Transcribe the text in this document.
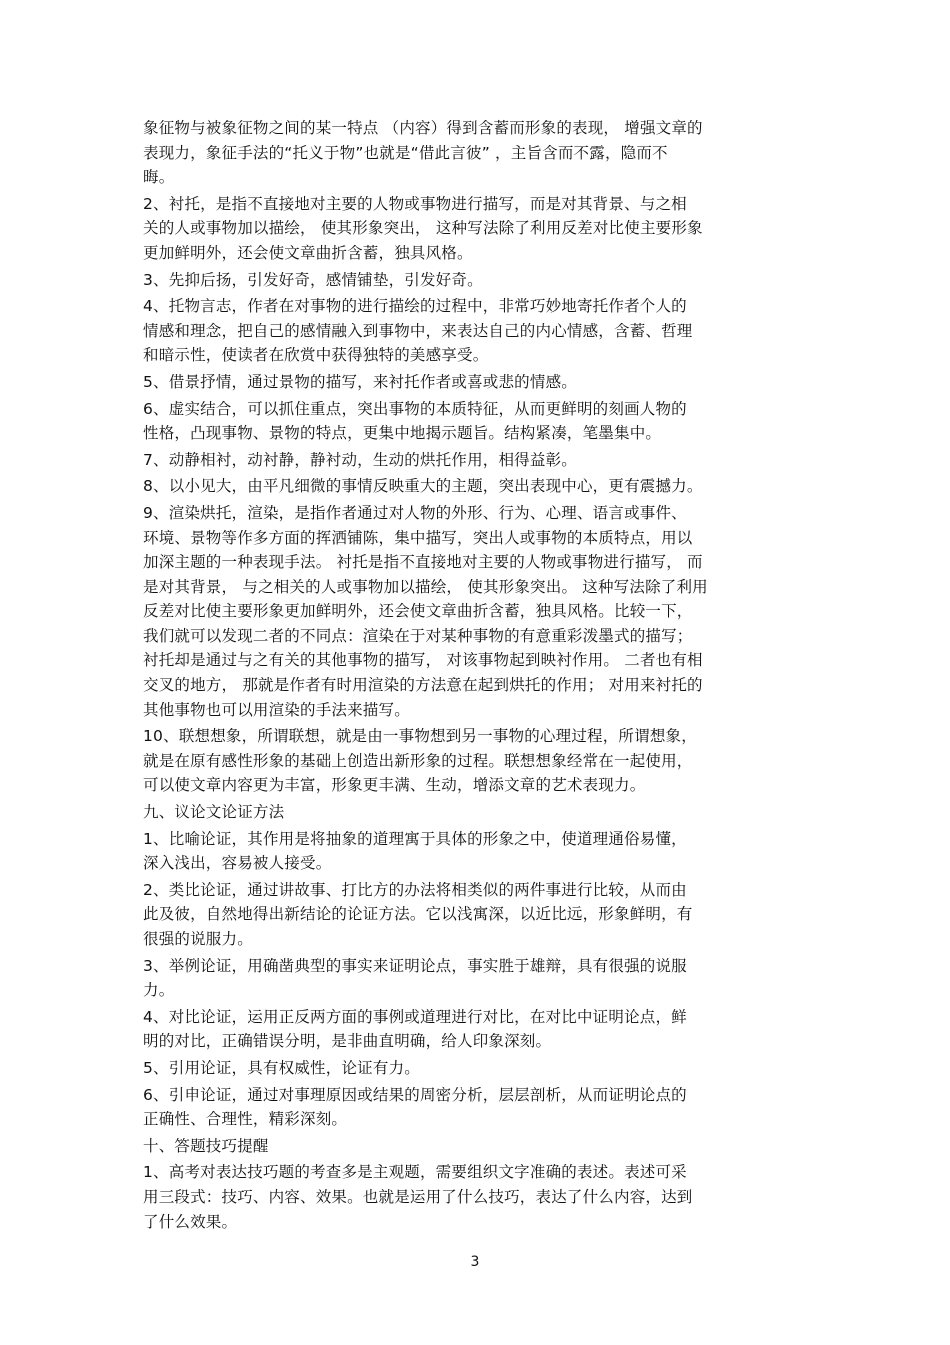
象征物与被象征物之间的某一特点 （内容）得到含蓄而形象的表现， 增强文章的
表现力，象征手法的“托义于物”也就是“借此言彼” ，主旨含而不露，隐而不
晦。
2、衬托，是指不直接地对主要的人物或事物进行描写，而是对其背景、与之相
关的人或事物加以描绘， 使其形象突出， 这种写法除了利用反差对比使主要形象
更加鲜明外，还会使文章曲折含蓄，独具风格。
3、先抑后扬，引发好奇，感情铺垫，引发好奇。
4、托物言志，作者在对事物的进行描绘的过程中，非常巧妙地寄托作者个人的
情感和理念，把自己的感情融入到事物中，来表达自己的内心情感，含蓄、哲理
和暗示性，使读者在欣赏中获得独特的美感享受。
5、借景抒情，通过景物的描写，来衬托作者或喜或悲的情感。
6、虚实结合，可以抓住重点，突出事物的本质特征，从而更鲜明的刻画人物的
性格，凸现事物、景物的特点，更集中地揭示题旨。结构紧凑，笔墨集中。
7、动静相衬，动衬静，静衬动，生动的烘托作用，相得益彰。
8、以小见大，由平凡细微的事情反映重大的主题，突出表现中心，更有震撼力。
9、渲染烘托，渲染，是指作者通过对人物的外形、行为、心理、语言或事件、
环境、景物等作多方面的挥洒铺陈，集中描写，突出人或事物的本质特点，用以
加深主题的一种表现手法。 衬托是指不直接地对主要的人物或事物进行描写， 而
是对其背景， 与之相关的人或事物加以描绘， 使其形象突出。 这种写法除了利用
反差对比使主要形象更加鲜明外，还会使文章曲折含蓄，独具风格。比较一下，
我们就可以发现二者的不同点：渲染在于对某种事物的有意重彩泼墨式的描写；
衬托却是通过与之有关的其他事物的描写， 对该事物起到映衬作用。 二者也有相
交叉的地方， 那就是作者有时用渲染的方法意在起到烘托的作用； 对用来衬托的
其他事物也可以用渲染的手法来描写。
10、联想想象，所谓联想，就是由一事物想到另一事物的心理过程，所谓想象，
就是在原有感性形象的基础上创造出新形象的过程。联想想象经常在一起使用，
可以使文章内容更为丰富，形象更丰满、生动，增添文章的艺术表现力。
九、议论文论证方法
1、比喻论证，其作用是将抽象的道理寓于具体的形象之中，使道理通俗易懂，
深入浅出，容易被人接受。
2、类比论证，通过讲故事、打比方的办法将相类似的两件事进行比较，从而由
此及彼，自然地得出新结论的论证方法。它以浅寓深，以近比远，形象鲜明，有
很强的说服力。
3、举例论证，用确凿典型的事实来证明论点，事实胜于雄辩，具有很强的说服
力。
4、对比论证，运用正反两方面的事例或道理进行对比，在对比中证明论点，鲜
明的对比，正确错误分明，是非曲直明确，给人印象深刻。
5、引用论证，具有权威性，论证有力。
6、引申论证，通过对事理原因或结果的周密分析，层层剖析，从而证明论点的
正确性、合理性，精彩深刻。
十、答题技巧提醒
1、高考对表达技巧题的考查多是主观题，需要组织文字准确的表述。表述可采
用三段式：技巧、内容、效果。也就是运用了什么技巧，表达了什么内容，达到
了什么效果。
3
